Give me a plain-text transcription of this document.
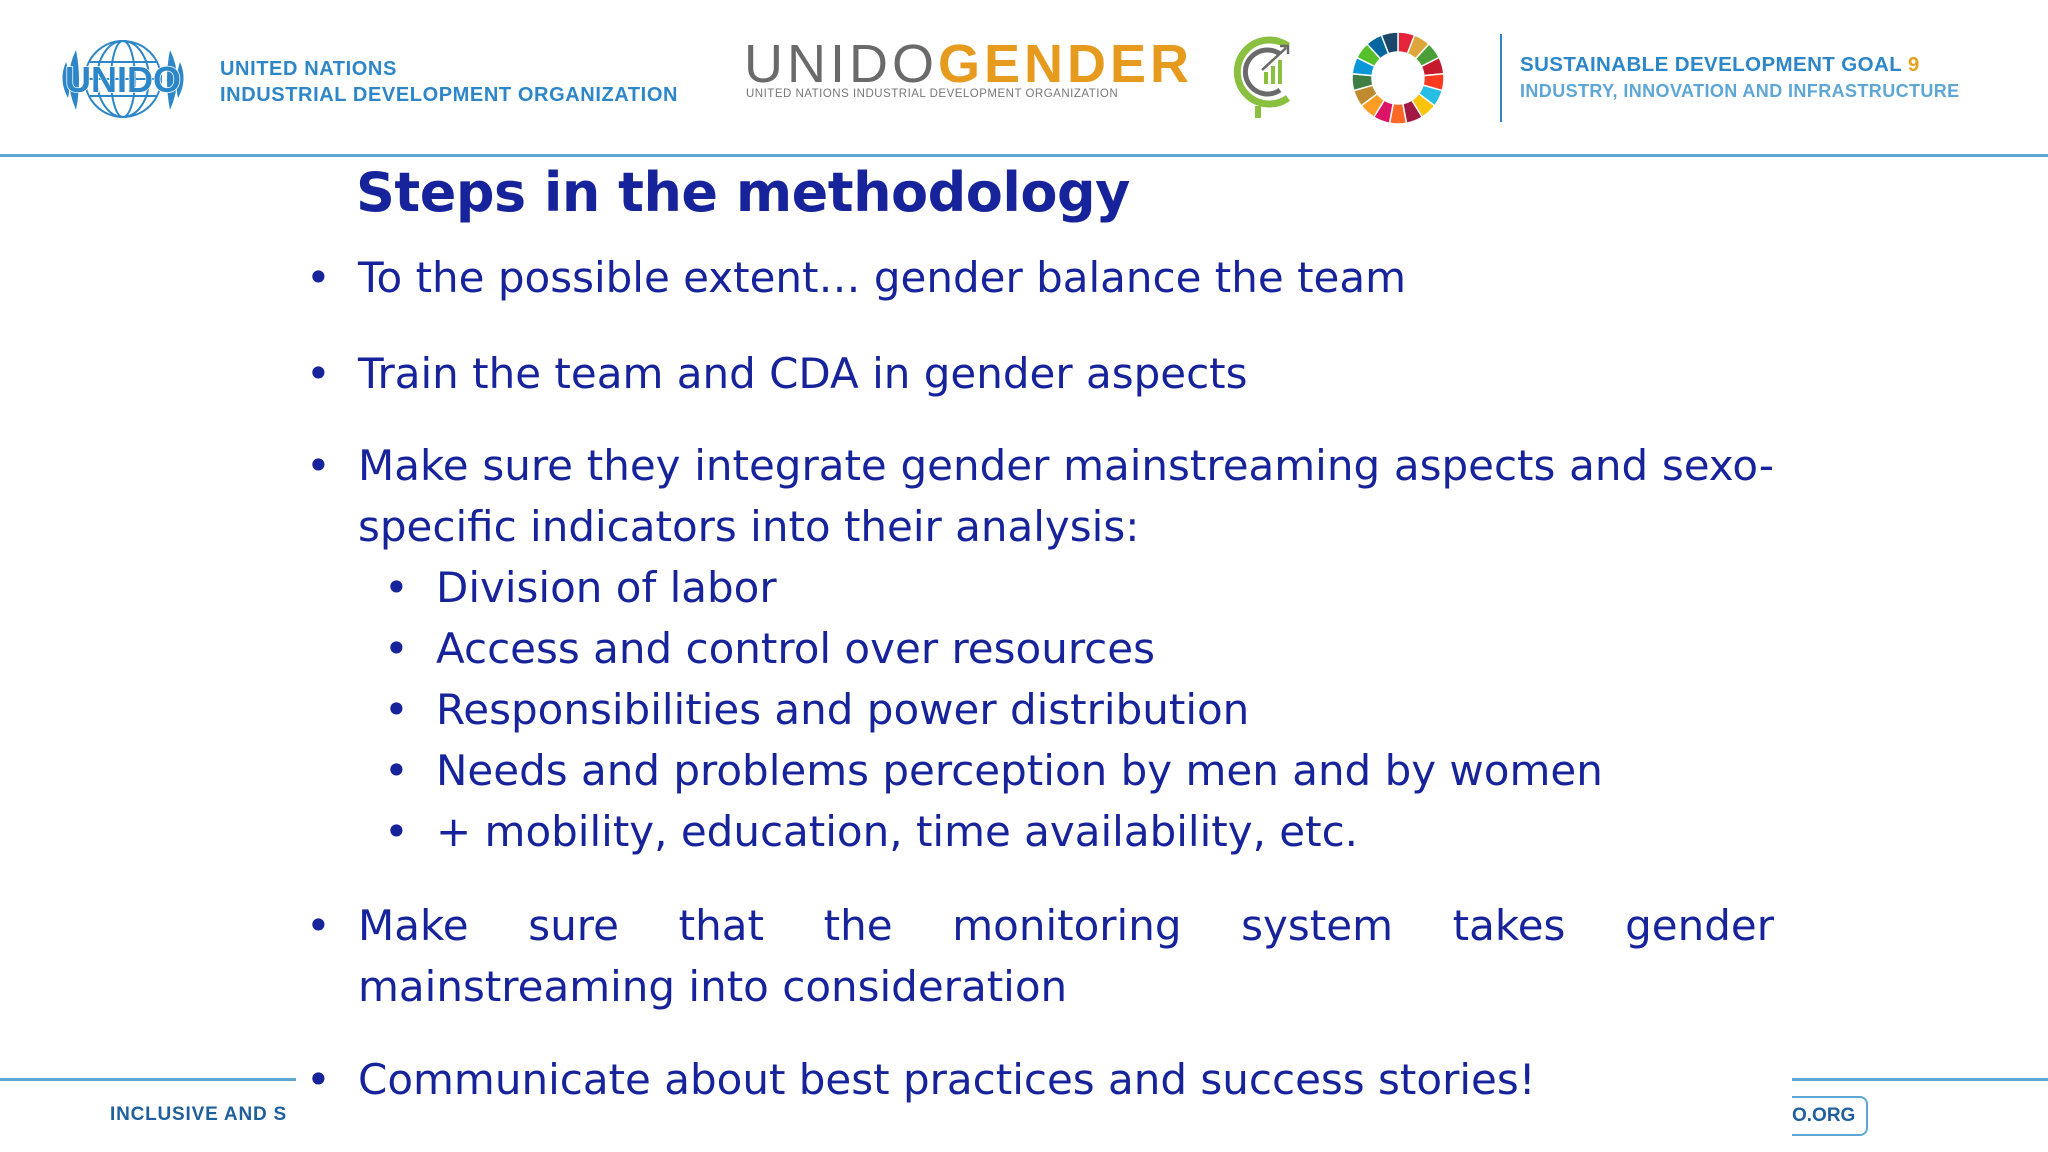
UNIDO UNITED NATIONS
INDUSTRIAL DEVELOPMENT ORGANIZATION
UNIDOGENDER
UNITED NATIONS INDUSTRIAL DEVELOPMENT ORGANIZATION
SUSTAINABLE DEVELOPMENT GOAL 9
INDUSTRY, INNOVATION AND INFRASTRUCTURE
INCLUSIVE AND S	O.ORG
Steps in the methodology
• To the possible extent… gender balance the team
• Train the team and CDA in gender aspects
• Make sure they integrate gender mainstreaming aspects and sexo-specific indicators into their analysis:
• Division of labor
• Access and control over resources
• Responsibilities and power distribution
• Needs and problems perception by men and by women
• + mobility, education, time availability, etc.
• Make sure that the monitoring system takes gender mainstreaming into consideration
• Communicate about best practices and success stories!
